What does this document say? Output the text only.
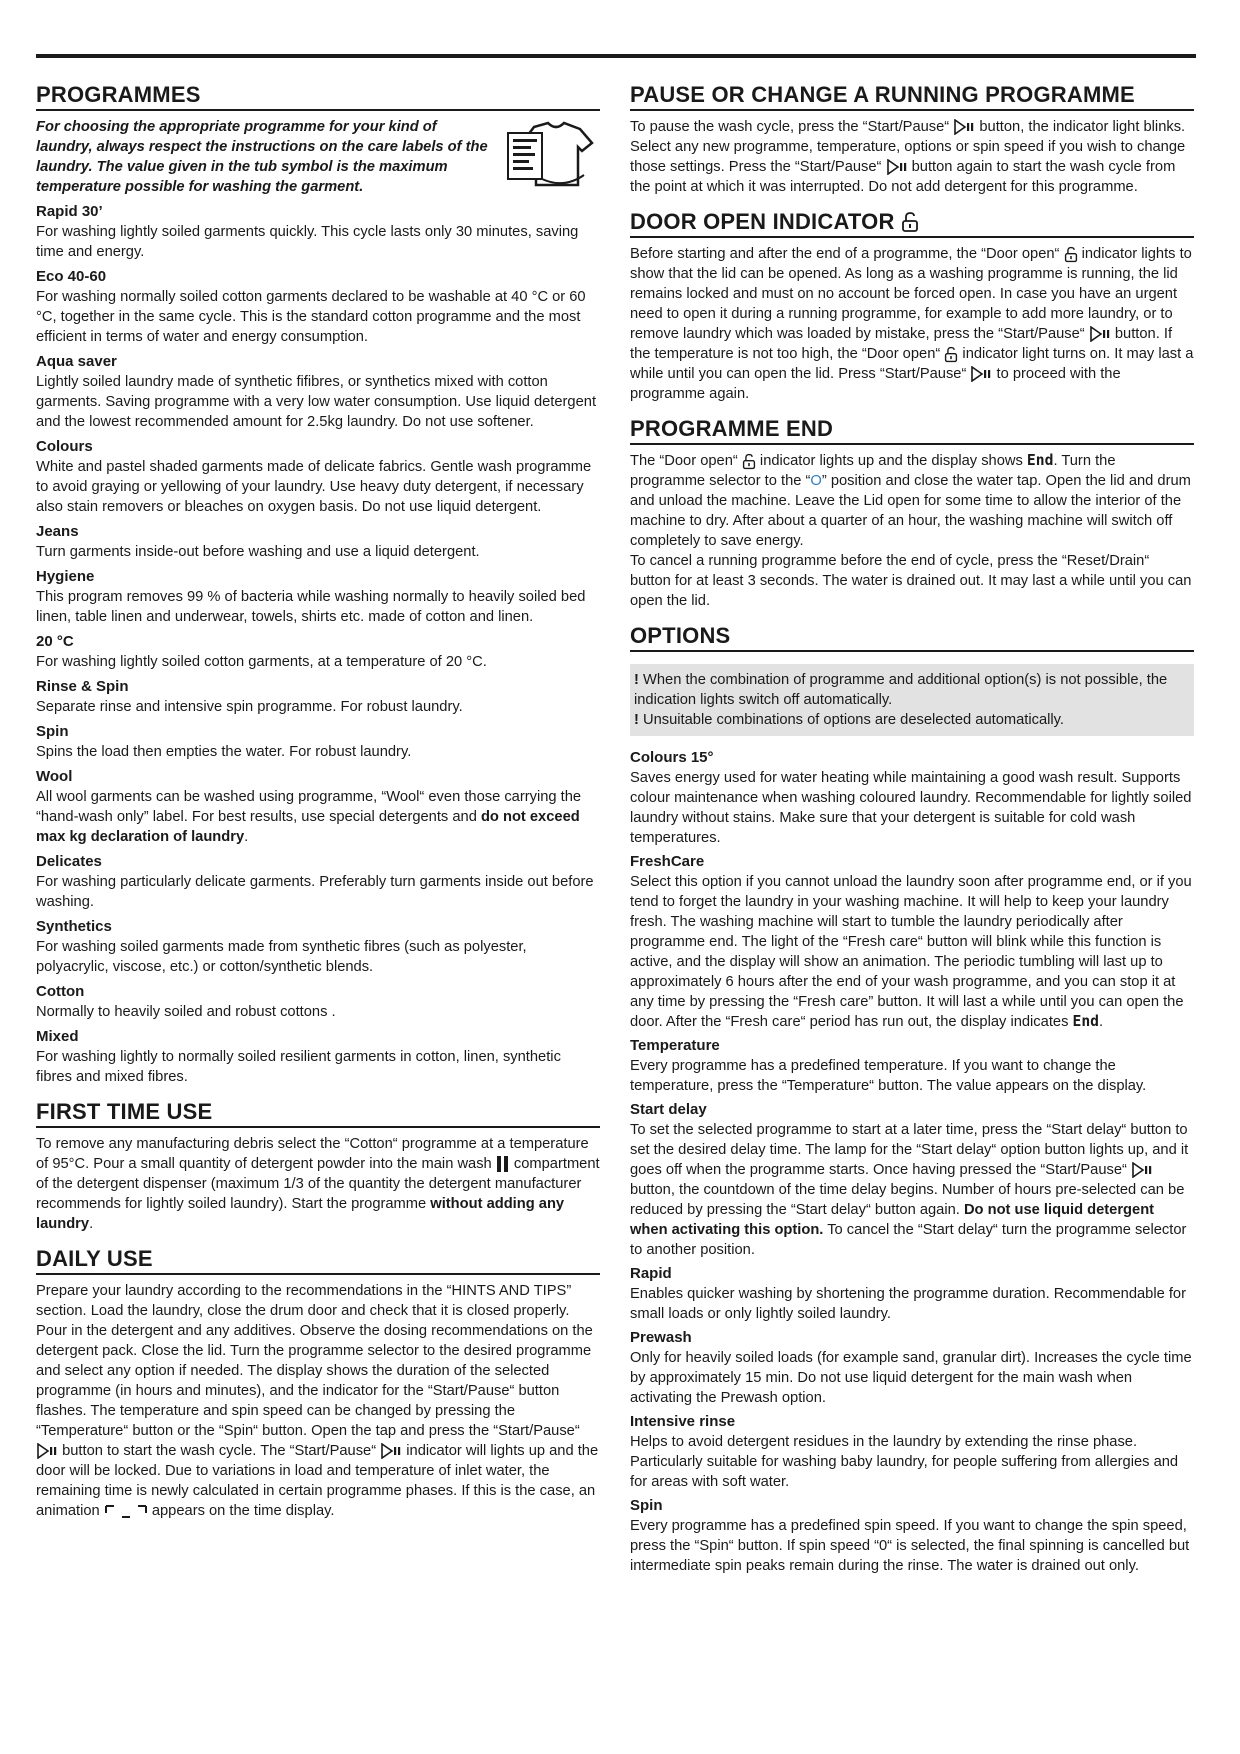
PROGRAMMES
For choosing the appropriate programme for your kind of laundry, always respect the instructions on the care labels of the laundry. The value given in the tub symbol is the maximum temperature possible for washing the garment.
Rapid 30’
For washing lightly soiled garments quickly. This cycle lasts only 30 minutes, saving time and energy.
Eco 40-60
For washing normally soiled cotton garments declared to be washable at 40 °C or 60 °C, together in the same cycle. This is the standard cotton programme and the most efficient in terms of water and energy consumption.
Aqua saver
Lightly soiled laundry made of synthetic fifibres, or synthetics mixed with cotton garments. Saving programme with a very low water consumption. Use liquid detergent and the lowest recommended amount for 2.5kg laundry. Do not use softener.
Colours
White and pastel shaded garments made of delicate fabrics. Gentle wash programme to avoid graying or yellowing of your laundry. Use heavy duty detergent, if necessary also stain removers or bleaches on oxygen basis. Do not use liquid detergent.
Jeans
Turn garments inside-out before washing and use a liquid detergent.
Hygiene
This program removes 99 % of bacteria while washing normally to heavily soiled bed linen, table linen and underwear, towels, shirts etc. made of cotton and linen.
20 °C
For washing lightly soiled cotton garments, at a temperature of 20 °C.
Rinse & Spin
Separate rinse and intensive spin programme. For robust laundry.
Spin
Spins the load then empties the water. For robust laundry.
Wool
All wool garments can be washed using programme, “Wool“ even those carrying the “hand-wash only” label. For best results, use special detergents and do not exceed max kg declaration of laundry.
Delicates
For washing particularly delicate garments. Preferably turn garments inside out before washing.
Synthetics
For washing soiled garments made from synthetic fibres (such as polyester, polyacrylic, viscose, etc.) or cotton/synthetic blends.
Cotton
Normally to heavily soiled and robust cottons .
Mixed
For washing lightly to normally soiled resilient garments in cotton, linen, synthetic fibres and mixed fibres.
FIRST TIME USE

To remove any manufacturing debris select the “Cotton“ programme at a temperature of 95°C. Pour a small quantity of detergent powder into the main wash  compartment of the detergent dispenser (maximum 1/3 of the quantity the detergent manufacturer recommends for lightly soiled laundry). Start the programme without adding any laundry.

DAILY USE

Prepare your laundry according to the recommendations in the “HINTS AND TIPS” section. Load the laundry, close the drum door and check that it is closed properly. Pour in the detergent and any additives. Observe the dosing recommendations on the detergent pack. Close the lid. Turn the programme selector to the desired programme and select any option if needed. The display shows the duration of the selected programme (in hours and minutes), and the indicator for the “Start/Pause“ button flashes. The temperature and spin speed can be changed by pressing the “Temperature“ button or the “Spin“ button. Open the tap and press the “Start/Pause“  button to start the wash cycle. The “Start/Pause“  indicator will lights up and the door will be locked. Due to variations in load and temperature of inlet water, the remaining time is newly calculated in certain programme phases. If this is the case, an animation	appears on the time display.

PAUSE OR CHANGE A RUNNING PROGRAMME

To pause the wash cycle, press the “Start/Pause“  button, the indicator light blinks. Select any new programme, temperature, options or spin speed if you wish to change those settings. Press the “Start/Pause“  button again to start the wash cycle from the point at which it was interrupted. Do not add detergent for this programme.

DOOR OPEN INDICATOR

Before starting and after the end of a programme, the “Door open“  indicator lights to show that the lid can be opened. As long as a washing programme is running, the lid remains locked and must on no account be forced open. In case you have an urgent need to open it during a running programme, for example to add more laundry, or to remove laundry which was loaded by mistake, press the “Start/Pause“  button. If the temperature is not too high, the “Door open“  indicator light turns on. It may last a while until you can open the lid. Press “Start/Pause“  to proceed with the programme again.

PROGRAMME END

The “Door open“  indicator lights up and the display shows End. Turn the programme selector to the “O” position and close the water tap. Open the lid and drum and unload the machine. Leave the Lid open for some time to allow the interior of the machine to dry. After about a quarter of an hour, the washing machine will switch off completely to save energy.
To cancel a running programme before the end of cycle, press the “Reset/Drain“ button for at least 3 seconds. The water is drained out. It may last a while until you can open the lid.

OPTIONS

! When the combination of programme and additional option(s) is not possible, the indication lights switch off automatically.

! Unsuitable combinations of options are deselected automatically.

Colours 15°
Saves energy used for water heating while maintaining a good wash result. Supports colour maintenance when washing coloured laundry. Recommendable for lightly soiled laundry without stains. Make sure that your detergent is suitable for cold wash temperatures.
FreshCare
Select this option if you cannot unload the laundry soon after programme end, or if you tend to forget the laundry in your washing machine. It will help to keep your laundry fresh. The washing machine will start to tumble the laundry periodically after programme end. The light of the “Fresh care“ button will blink while this function is active, and the display will show an animation. The periodic tumbling will last up to approximately 6 hours after the end of your wash programme, and you can stop it at any time by pressing the “Fresh care” button. It will last a while until you can open the door. After the “Fresh care“ period has run out, the display indicates End.
Temperature
Every programme has a predefined temperature. If you want to change the temperature, press the “Temperature“ button. The value appears on the display.
Start delay
To set the selected programme to start at a later time, press the “Start delay“ button to set the desired delay time. The lamp for the “Start delay“ option button lights up, and it goes off when the programme starts. Once having pressed the “Start/Pause“  button, the countdown of the time delay begins. Number of hours pre-selected can be reduced by pressing the “Start delay“ button again. Do not use liquid detergent when activating this option. To cancel the “Start delay“ turn the programme selector to another position.
Rapid
Enables quicker washing by shortening the programme duration. Recommendable for small loads or only lightly soiled laundry.
Prewash
Only for heavily soiled loads (for example sand, granular dirt). Increases the cycle time by approximately 15 min. Do not use liquid detergent for the main wash when activating the Prewash option.
Intensive rinse
Helps to avoid detergent residues in the laundry by extending the rinse phase. Particularly suitable for washing baby laundry, for people suffering from allergies and for areas with soft water.
Spin
Every programme has a predefined spin speed. If you want to change the spin speed, press the “Spin“ button. If spin speed “0“ is selected, the final spinning is cancelled but intermediate spin peaks remain during the rinse. The water is drained out only.
